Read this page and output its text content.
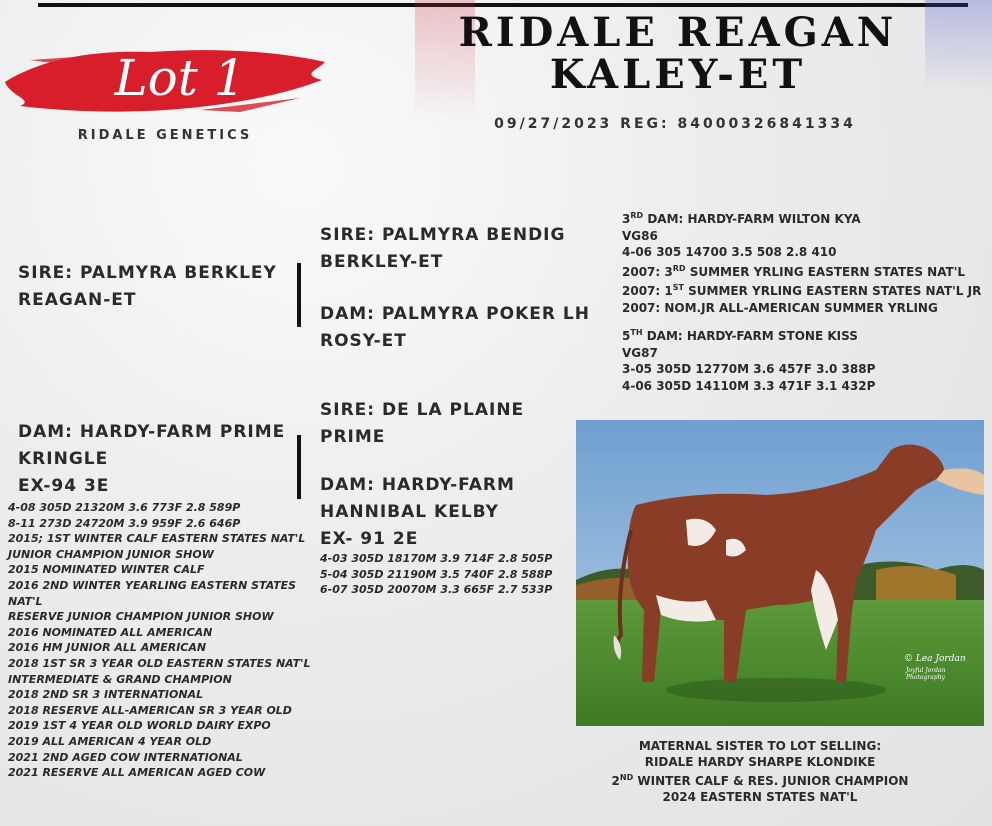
Lot 1
RIDALE GENETICS
RIDALE REAGAN
KALEY-ET
09/27/2023 REG: 84000326841334
SIRE: PALMYRA BERKLEY
REAGAN-ET
SIRE: PALMYRA BENDIG
BERKLEY-ET
DAM: PALMYRA POKER LH
ROSY-ET
DAM: HARDY-FARM PRIME
KRINGLE
EX-94 3E
4-08 305D 21320M 3.6 773F 2.8 589P
8-11 273D 24720M 3.9 959F 2.6 646P
2015; 1ST WINTER CALF EASTERN STATES NAT'L
JUNIOR CHAMPION JUNIOR SHOW
2015 NOMINATED WINTER CALF
2016 2ND WINTER YEARLING EASTERN STATES
NAT'L
RESERVE JUNIOR CHAMPION JUNIOR SHOW
2016 NOMINATED ALL AMERICAN
2016 HM JUNIOR ALL AMERICAN
2018 1ST SR 3 YEAR OLD EASTERN STATES NAT'L
INTERMEDIATE & GRAND CHAMPION
2018 2ND SR 3 INTERNATIONAL
2018 RESERVE ALL-AMERICAN SR 3 YEAR OLD
2019 1ST 4 YEAR OLD WORLD DAIRY EXPO
2019 ALL AMERICAN 4 YEAR OLD
2021 2ND AGED COW INTERNATIONAL
2021 RESERVE ALL AMERICAN AGED COW
SIRE: DE LA PLAINE
PRIME
DAM: HARDY-FARM
HANNIBAL KELBY
EX- 91 2E
4-03 305D 18170M 3.9 714F 2.8 505P
5-04 305D 21190M 3.5 740F 2.8 588P
6-07 305D 20070M 3.3 665F 2.7 533P
3RD DAM: HARDY-FARM WILTON KYA
VG86
4-06 305 14700 3.5 508 2.8 410
2007: 3RD SUMMER YRLING EASTERN STATES NAT'L
2007: 1ST SUMMER YRLING EASTERN STATES NAT'L JR
2007: NOM.JR ALL-AMERICAN SUMMER YRLING
5TH DAM: HARDY-FARM STONE KISS
VG87
3-05 305D 12770M 3.6 457F 3.0 388P
4-06 305D 14110M 3.3 471F 3.1 432P
© Lea Jordan
Joyful Jordan Photography
MATERNAL SISTER TO LOT SELLING:
RIDALE HARDY SHARPE KLONDIKE
2ND WINTER CALF & RES. JUNIOR CHAMPION
2024 EASTERN STATES NAT'L
